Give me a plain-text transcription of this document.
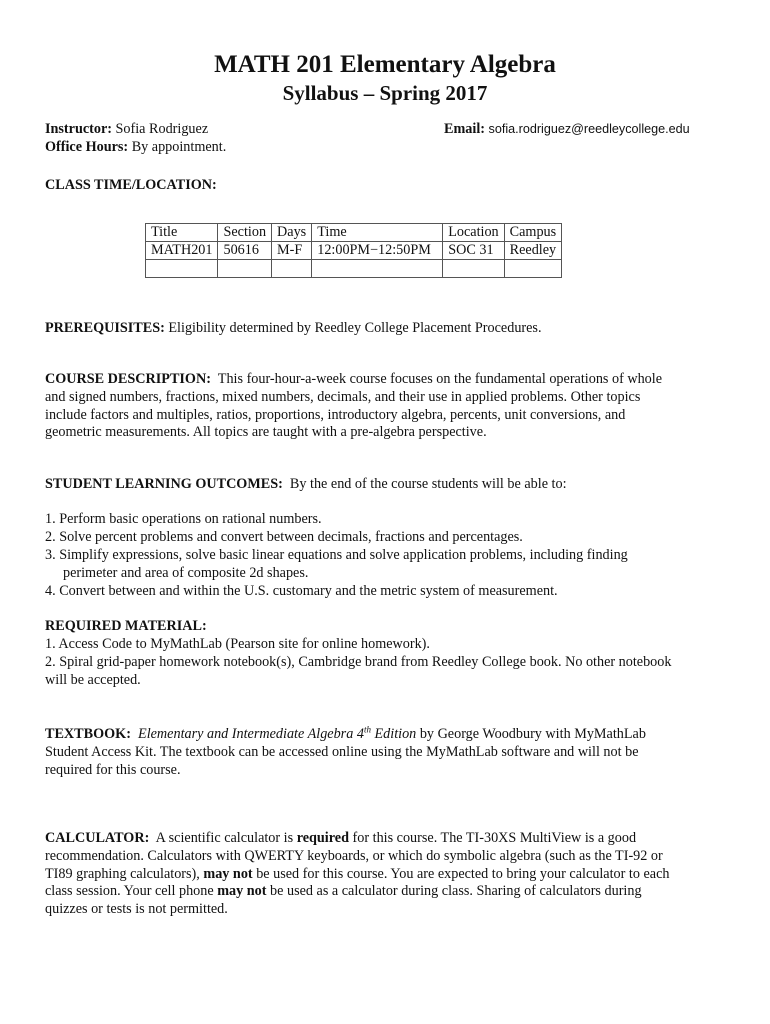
MATH 201 Elementary Algebra
Syllabus – Spring 2017
Instructor: Sofia Rodriguez	Email: sofia.rodriguez@reedleycollege.edu
Office Hours: By appointment.
CLASS TIME/LOCATION:
Title	Section	Days	Time	Location	Campus
MATH201	50616	M-F	12:00PM−12:50PM	SOC 31	Reedley

PREREQUISITES: Eligibility determined by Reedley College Placement Procedures.

COURSE DESCRIPTION: This four-hour-a-week course focuses on the fundamental operations of whole

and signed numbers, fractions, mixed numbers, decimals, and their use in applied problems. Other topics

include factors and multiples, ratios, proportions, introductory algebra, percents, unit conversions, and

geometric measurements. All topics are taught with a pre-algebra perspective.

STUDENT LEARNING OUTCOMES: By the end of the course students will be able to:
1. Perform basic operations on rational numbers.
2. Solve percent problems and convert between decimals, fractions and percentages.
3. Simplify expressions, solve basic linear equations and solve application problems, including finding
perimeter and area of composite 2d shapes.
4. Convert between and within the U.S. customary and the metric system of measurement.
REQUIRED MATERIAL:
1. Access Code to MyMathLab (Pearson site for online homework).
2. Spiral grid-paper homework notebook(s), Cambridge brand from Reedley College book. No other notebook
will be accepted.

TEXTBOOK: Elementary and Intermediate Algebra 4th Edition by George Woodbury with MyMathLab

Student Access Kit. The textbook can be accessed online using the MyMathLab software and will not be

required for this course.

CALCULATOR: A scientific calculator is required for this course. The TI-30XS MultiView is a good

recommendation. Calculators with QWERTY keyboards, or which do symbolic algebra (such as the TI-92 or

TI89 graphing calculators), may not be used for this course. You are expected to bring your calculator to each

class session. Your cell phone may not be used as a calculator during class. Sharing of calculators during

quizzes or tests is not permitted.
